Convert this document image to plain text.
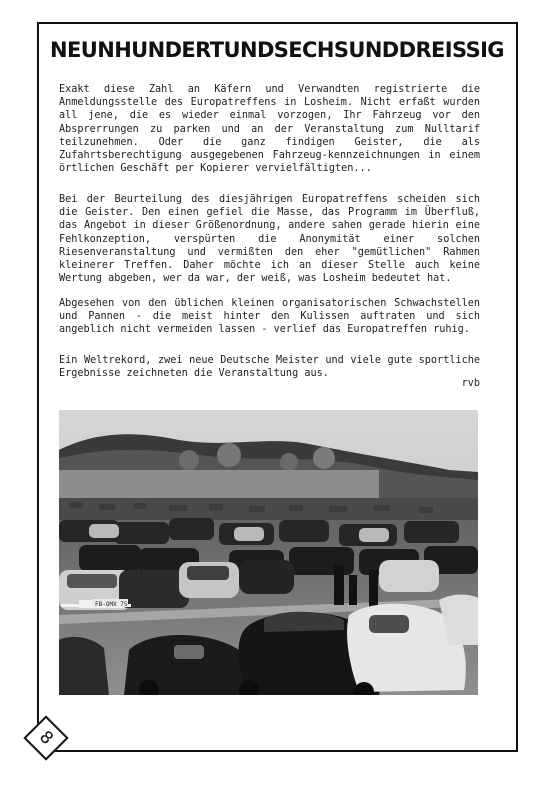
NEUNHUNDERTUNDSECHSUNDDREISSIG

Exakt diese Zahl an Käfern und Verwandten registrierte die Anmeldungsstelle des Europatreffens in Losheim. Nicht erfaßt wurden all jene, die es wieder einmal vorzogen, Ihr Fahrzeug vor den Absprerrungen zu parken und an der Veranstaltung zum Nulltarif teilzunehmen. Oder die ganz findigen Geister, die als Zufahrtsberechtigung ausgegebenen Fahrzeug-kennzeichnungen in einem örtlichen Geschäft per Kopierer vervielfältigten...

Bei der Beurteilung des diesjährigen Europatreffens scheiden sich die Geister. Den einen gefiel die Masse, das Programm im Überfluß, das Angebot in dieser Größenordnung, andere sahen gerade hierin eine Fehlkonzeption, verspürten die Anonymität einer solchen Riesenveranstaltung und vermißten den eher "gemütlichen" Rahmen kleinerer Treffen. Daher möchte ich an dieser Stelle auch keine Wertung abgeben, wer da war, der weiß, was Losheim bedeutet hat.

Abgesehen von den üblichen kleinen organisatorischen Schwachstellen und Pannen - die meist hinter den Kulissen auftraten und sich angeblich nicht vermeiden lassen - verlief das Europatreffen ruhig.

Ein Weltrekord, zwei neue Deutsche Meister und viele gute sportliche Ergebnisse zeichneten die Veranstaltung aus.

rvb
FB-OMX 75
8
